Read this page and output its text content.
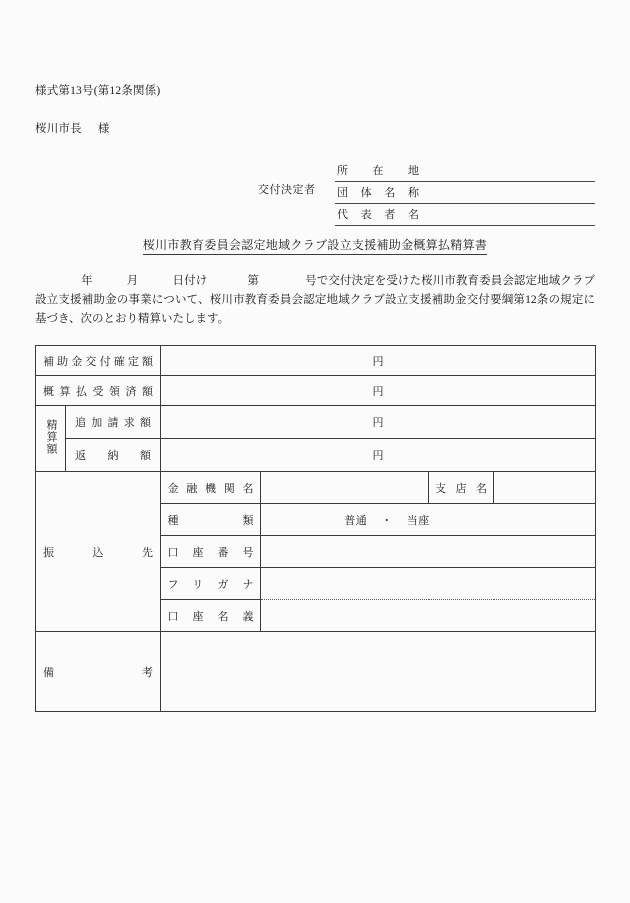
様式第13号(第12条関係)
桜川市長 様
交付決定者
所在地
団体名称
代表者名
桜川市教育委員会認定地域クラブ設立支援補助金概算払精算書
年	月	日付け	第	号で交付決定を受けた桜川市教育委員会認定地域クラブ設立支援補助金の事業について、桜川市教育委員会認定地域クラブ設立支援補助金交付要綱第12条の規定に基づき、次のとおり精算いたします。
補助金交付確定額		円			
概算払受領済額		円			
精算額	追加請求額	円			
	返納額	円			
振込先		金融機関名		支店名	
		種類	普通 ・ 当座		

		口座番号			
		フリガナ			
		口座名義			
備考					
